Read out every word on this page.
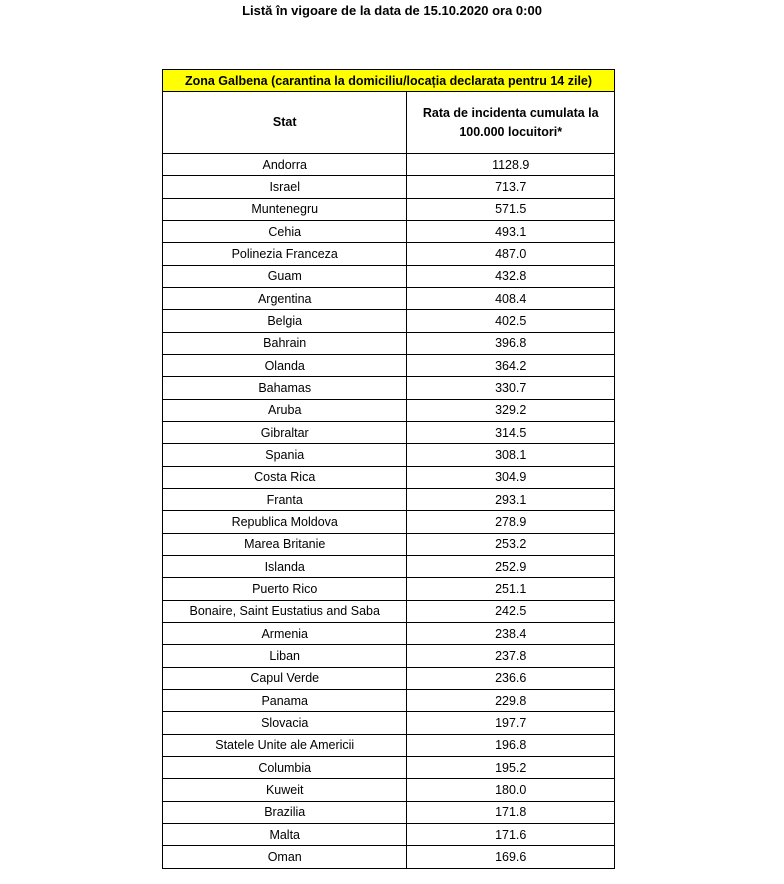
Listă în vigoare de la data de 15.10.2020 ora 0:00
Zona Galbena (carantina la domiciliu/locația declarata pentru 14 zile)	
Stat	Rata de incidenta cumulata la
100.000 locuitori*
Andorra	1128.9
Israel	713.7
Muntenegru	571.5
Cehia	493.1
Polinezia Franceza	487.0
Guam	432.8
Argentina	408.4
Belgia	402.5
Bahrain	396.8
Olanda	364.2
Bahamas	330.7
Aruba	329.2
Gibraltar	314.5
Spania	308.1
Costa Rica	304.9
Franta	293.1
Republica Moldova	278.9
Marea Britanie	253.2
Islanda	252.9
Puerto Rico	251.1
Bonaire, Saint Eustatius and Saba	242.5
Armenia	238.4
Liban	237.8
Capul Verde	236.6
Panama	229.8
Slovacia	197.7
Statele Unite ale Americii	196.8
Columbia	195.2
Kuweit	180.0
Brazilia	171.8
Malta	171.6
Oman	169.6
